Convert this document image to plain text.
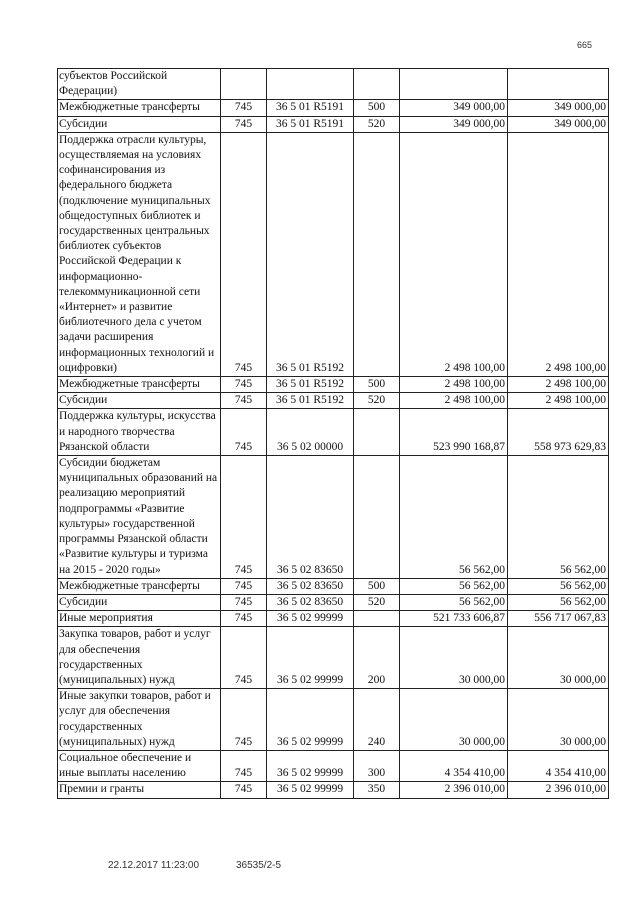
665
субъектов Российской Федерации)					
Межбюджетные трансферты	745	36 5 01 R5191	500	349 000,00	349 000,00
Субсидии	745	36 5 01 R5191	520	349 000,00	349 000,00
Поддержка отрасли культуры, осуществляемая на условиях софинансирования из федерального бюджета (подключение муниципальных общедоступных библиотек и государственных центральных библиотек субъектов Российской Федерации к информационно-телекоммуникационной сети «Интернет» и развитие библиотечного дела с учетом задачи расширения информационных технологий и оцифровки)	745	36 5 01 R5192		2 498 100,00	2 498 100,00
Межбюджетные трансферты	745	36 5 01 R5192	500	2 498 100,00	2 498 100,00
Субсидии	745	36 5 01 R5192	520	2 498 100,00	2 498 100,00
Поддержка культуры, искусства и народного творчества Рязанской области	745	36 5 02 00000		523 990 168,87	558 973 629,83
Субсидии бюджетам муниципальных образований на реализацию мероприятий подпрограммы «Развитие культуры» государственной программы Рязанской области «Развитие культуры и туризма на 2015 - 2020 годы»	745	36 5 02 83650		56 562,00	56 562,00
Межбюджетные трансферты	745	36 5 02 83650	500	56 562,00	56 562,00
Субсидии	745	36 5 02 83650	520	56 562,00	56 562,00
Иные мероприятия	745	36 5 02 99999		521 733 606,87	556 717 067,83
Закупка товаров, работ и услуг для обеспечения государственных (муниципальных) нужд	745	36 5 02 99999	200	30 000,00	30 000,00
Иные закупки товаров, работ и услуг для обеспечения государственных (муниципальных) нужд	745	36 5 02 99999	240	30 000,00	30 000,00
Социальное обеспечение и иные выплаты населению	745	36 5 02 99999	300	4 354 410,00	4 354 410,00
Премии и гранты	745	36 5 02 99999	350	2 396 010,00	2 396 010,00
22.12.2017 11:23:00	36535/2-5
